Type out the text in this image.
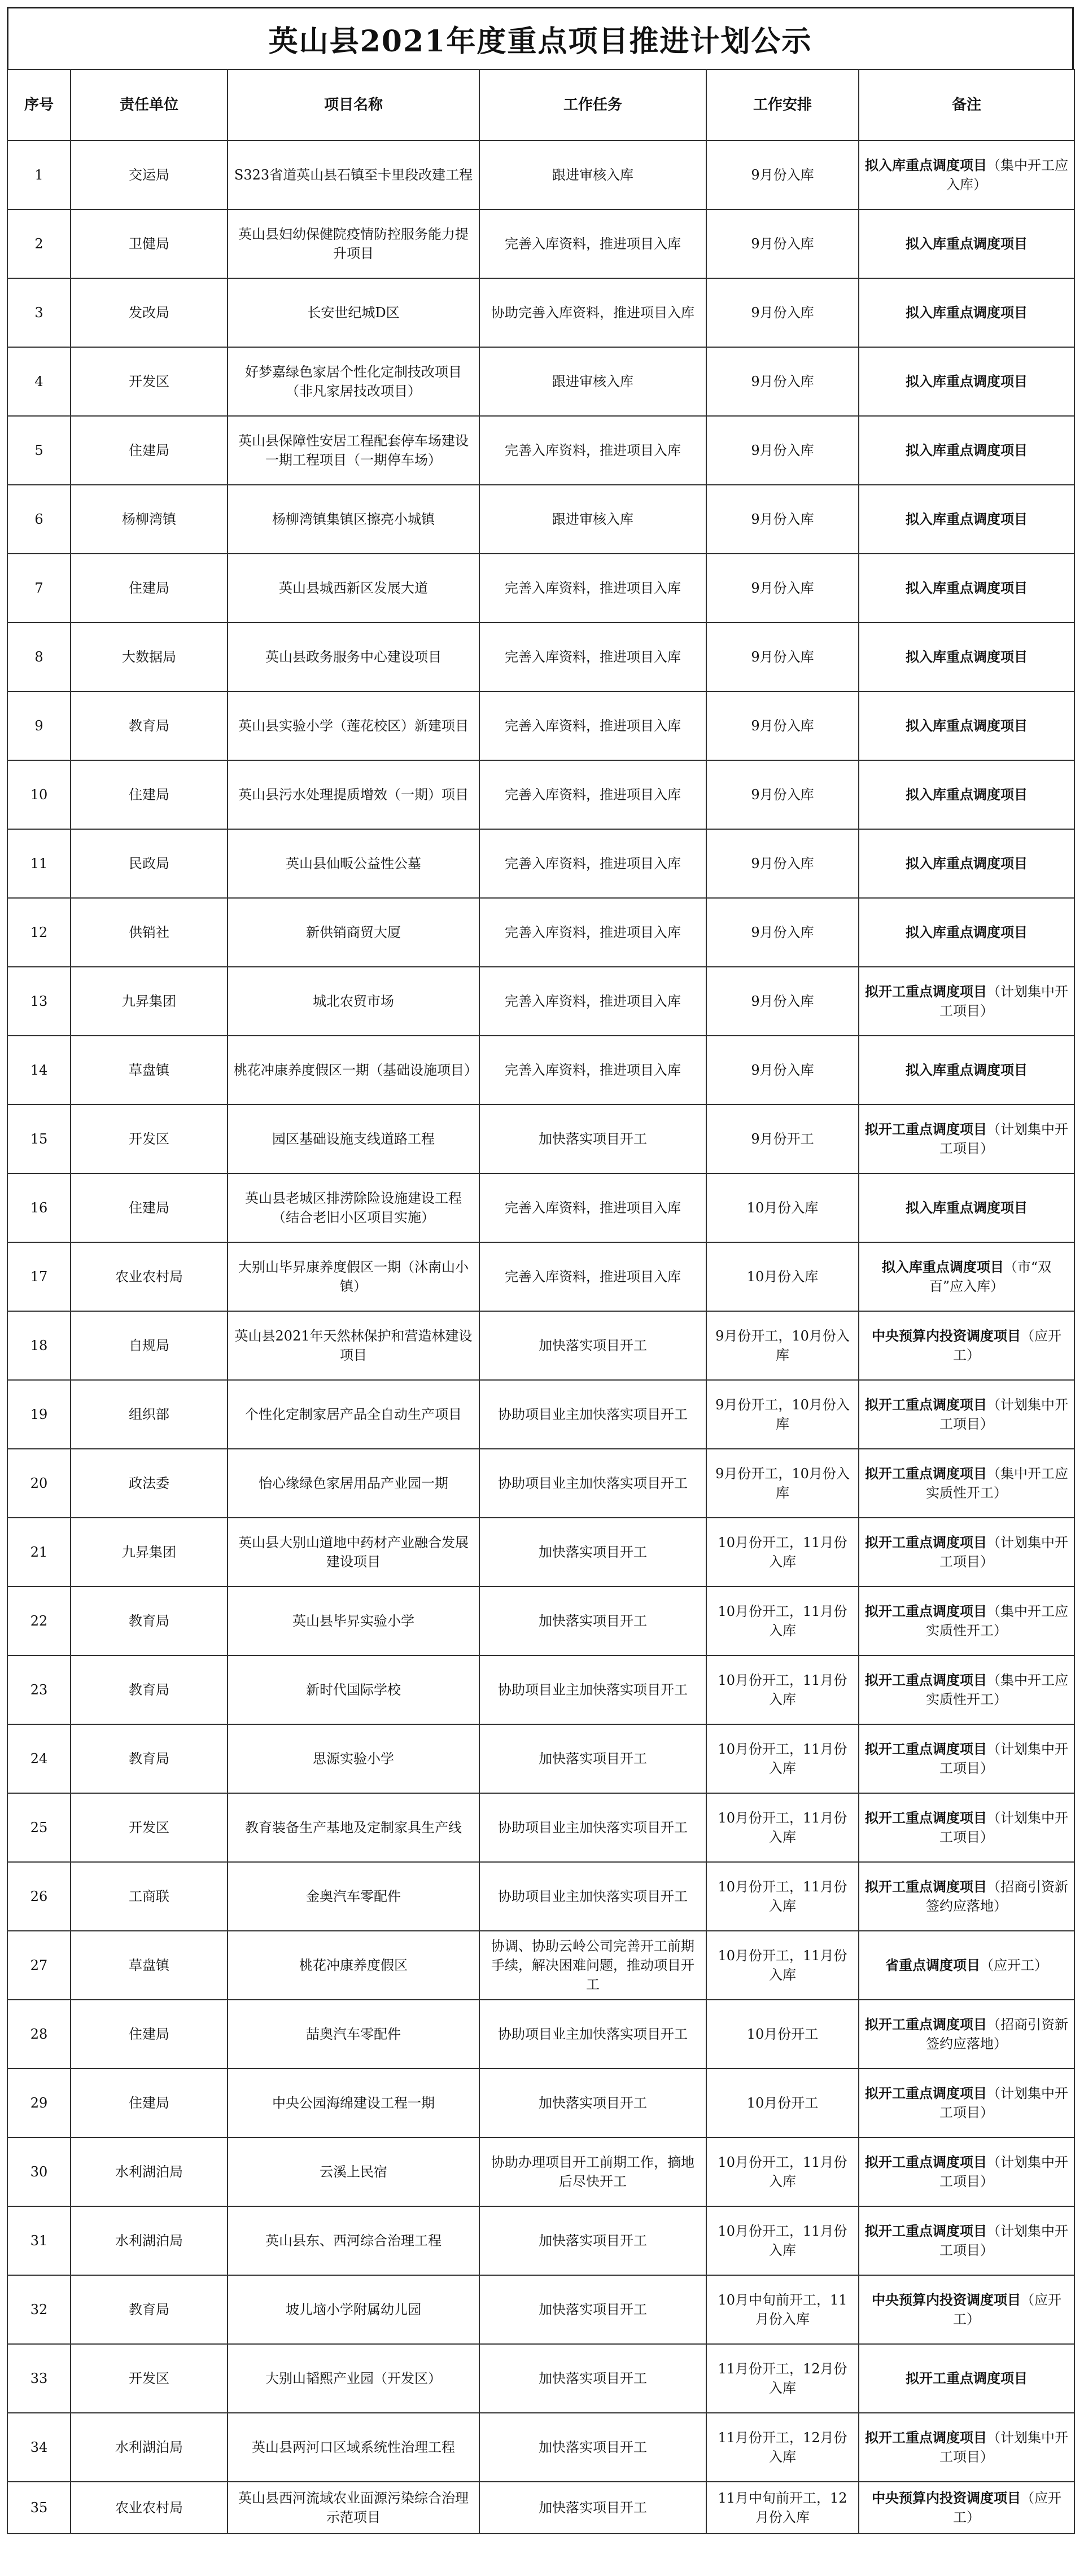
英山县2021年度重点项目推进计划公示
序号	责任单位	项目名称	工作任务	工作安排	备注
1	交运局	S323省道英山县石镇至卡里段改建工程	跟进审核入库	9月份入库	拟入库重点调度项目（集中开工应入库）
2	卫健局	英山县妇幼保健院疫情防控服务能力提升项目	完善入库资料，推进项目入库	9月份入库	拟入库重点调度项目
3	发改局	长安世纪城D区	协助完善入库资料，推进项目入库	9月份入库	拟入库重点调度项目
4	开发区	好梦嘉绿色家居个性化定制技改项目（非凡家居技改项目）	跟进审核入库	9月份入库	拟入库重点调度项目
5	住建局	英山县保障性安居工程配套停车场建设一期工程项目（一期停车场）	完善入库资料，推进项目入库	9月份入库	拟入库重点调度项目
6	杨柳湾镇	杨柳湾镇集镇区擦亮小城镇	跟进审核入库	9月份入库	拟入库重点调度项目
7	住建局	英山县城西新区发展大道	完善入库资料，推进项目入库	9月份入库	拟入库重点调度项目
8	大数据局	英山县政务服务中心建设项目	完善入库资料，推进项目入库	9月份入库	拟入库重点调度项目
9	教育局	英山县实验小学（莲花校区）新建项目	完善入库资料，推进项目入库	9月份入库	拟入库重点调度项目
10	住建局	英山县污水处理提质增效（一期）项目	完善入库资料，推进项目入库	9月份入库	拟入库重点调度项目
11	民政局	英山县仙畈公益性公墓	完善入库资料，推进项目入库	9月份入库	拟入库重点调度项目
12	供销社	新供销商贸大厦	完善入库资料，推进项目入库	9月份入库	拟入库重点调度项目
13	九昇集团	城北农贸市场	完善入库资料，推进项目入库	9月份入库	拟开工重点调度项目（计划集中开工项目）
14	草盘镇	桃花冲康养度假区一期（基础设施项目）	完善入库资料，推进项目入库	9月份入库	拟入库重点调度项目
15	开发区	园区基础设施支线道路工程	加快落实项目开工	9月份开工	拟开工重点调度项目（计划集中开工项目）
16	住建局	英山县老城区排涝除险设施建设工程（结合老旧小区项目实施）	完善入库资料，推进项目入库	10月份入库	拟入库重点调度项目
17	农业农村局	大别山毕昇康养度假区一期（沐南山小镇）	完善入库资料，推进项目入库	10月份入库	拟入库重点调度项目（市“双百”应入库）
18	自规局	英山县2021年天然林保护和营造林建设项目	加快落实项目开工	9月份开工，10月份入库	中央预算内投资调度项目（应开工）
19	组织部	个性化定制家居产品全自动生产项目	协助项目业主加快落实项目开工	9月份开工，10月份入库	拟开工重点调度项目（计划集中开工项目）
20	政法委	怡心缘绿色家居用品产业园一期	协助项目业主加快落实项目开工	9月份开工，10月份入库	拟开工重点调度项目（集中开工应实质性开工）
21	九昇集团	英山县大别山道地中药材产业融合发展建设项目	加快落实项目开工	10月份开工，11月份入库	拟开工重点调度项目（计划集中开工项目）
22	教育局	英山县毕昇实验小学	加快落实项目开工	10月份开工，11月份入库	拟开工重点调度项目（集中开工应实质性开工）
23	教育局	新时代国际学校	协助项目业主加快落实项目开工	10月份开工，11月份入库	拟开工重点调度项目（集中开工应实质性开工）
24	教育局	思源实验小学	加快落实项目开工	10月份开工，11月份入库	拟开工重点调度项目（计划集中开工项目）
25	开发区	教育装备生产基地及定制家具生产线	协助项目业主加快落实项目开工	10月份开工，11月份入库	拟开工重点调度项目（计划集中开工项目）
26	工商联	金奥汽车零配件	协助项目业主加快落实项目开工	10月份开工，11月份入库	拟开工重点调度项目（招商引资新签约应落地）
27	草盘镇	桃花冲康养度假区	协调、协助云岭公司完善开工前期手续，解决困难问题，推动项目开工	10月份开工，11月份入库	省重点调度项目（应开工）
28	住建局	喆奥汽车零配件	协助项目业主加快落实项目开工	10月份开工	拟开工重点调度项目（招商引资新签约应落地）
29	住建局	中央公园海绵建设工程一期	加快落实项目开工	10月份开工	拟开工重点调度项目（计划集中开工项目）
30	水利湖泊局	云溪上民宿	协助办理项目开工前期工作，摘地后尽快开工	10月份开工，11月份入库	拟开工重点调度项目（计划集中开工项目）
31	水利湖泊局	英山县东、西河综合治理工程	加快落实项目开工	10月份开工，11月份入库	拟开工重点调度项目（计划集中开工项目）
32	教育局	坡儿垴小学附属幼儿园	加快落实项目开工	10月中旬前开工，11月份入库	中央预算内投资调度项目（应开工）
33	开发区	大别山韬熙产业园（开发区）	加快落实项目开工	11月份开工，12月份入库	拟开工重点调度项目
34	水利湖泊局	英山县两河口区域系统性治理工程	加快落实项目开工	11月份开工，12月份入库	拟开工重点调度项目（计划集中开工项目）
35	农业农村局	英山县西河流域农业面源污染综合治理示范项目	加快落实项目开工	11月中旬前开工，12月份入库	中央预算内投资调度项目（应开工）
